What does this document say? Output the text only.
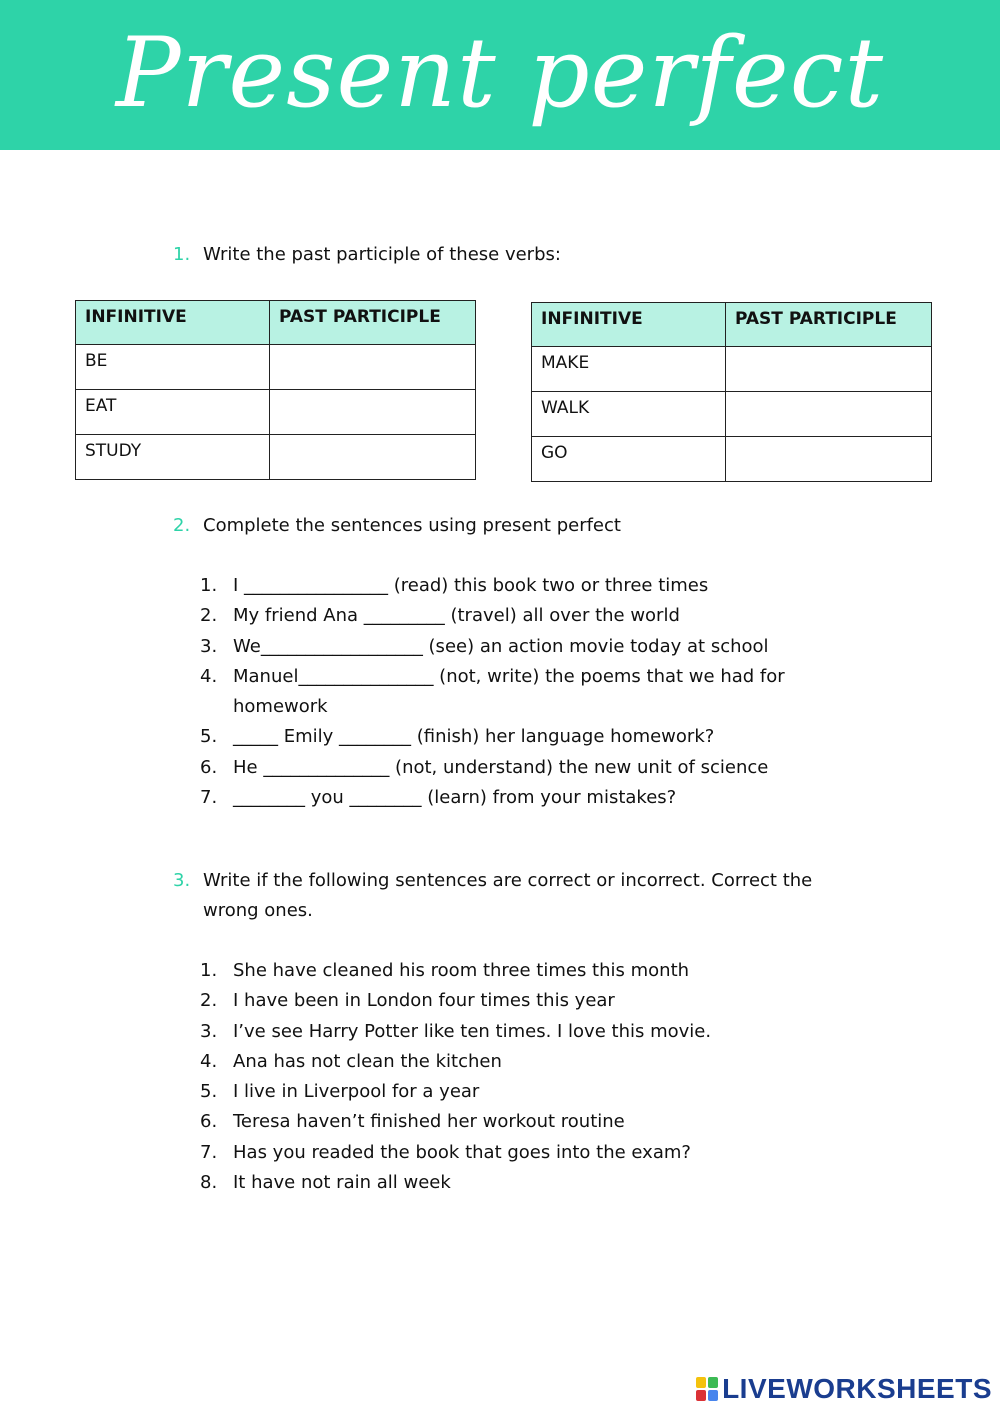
Present perfect

1. Write the past participle of these verbs:

INFINITIVE	PAST PARTICIPLE
BE	
EAT	
STUDY	
INFINITIVE	PAST PARTICIPLE
MAKE	
WALK	
GO	

2. Complete the sentences using present perfect

1. I ________________ (read) this book two or three times
2. My friend Ana _________ (travel) all over the world
3. We__________________ (see) an action movie today at school
4. Manuel_______________ (not, write) the poems that we had for homework
5. _____ Emily ________ (finish) her language homework?
6. He ______________ (not, understand) the new unit of science
7. ________ you ________ (learn) from your mistakes?

3. Write if the following sentences are correct or incorrect. Correct the wrong ones.

1. She have cleaned his room three times this month
2. I have been in London four times this year
3. I’ve see Harry Potter like ten times. I love this movie.
4. Ana has not clean the kitchen
5. I live in Liverpool for a year
6. Teresa haven’t finished her workout routine
7. Has you readed the book that goes into the exam?
8. It have not rain all week
LIVEWORKSHEETS
